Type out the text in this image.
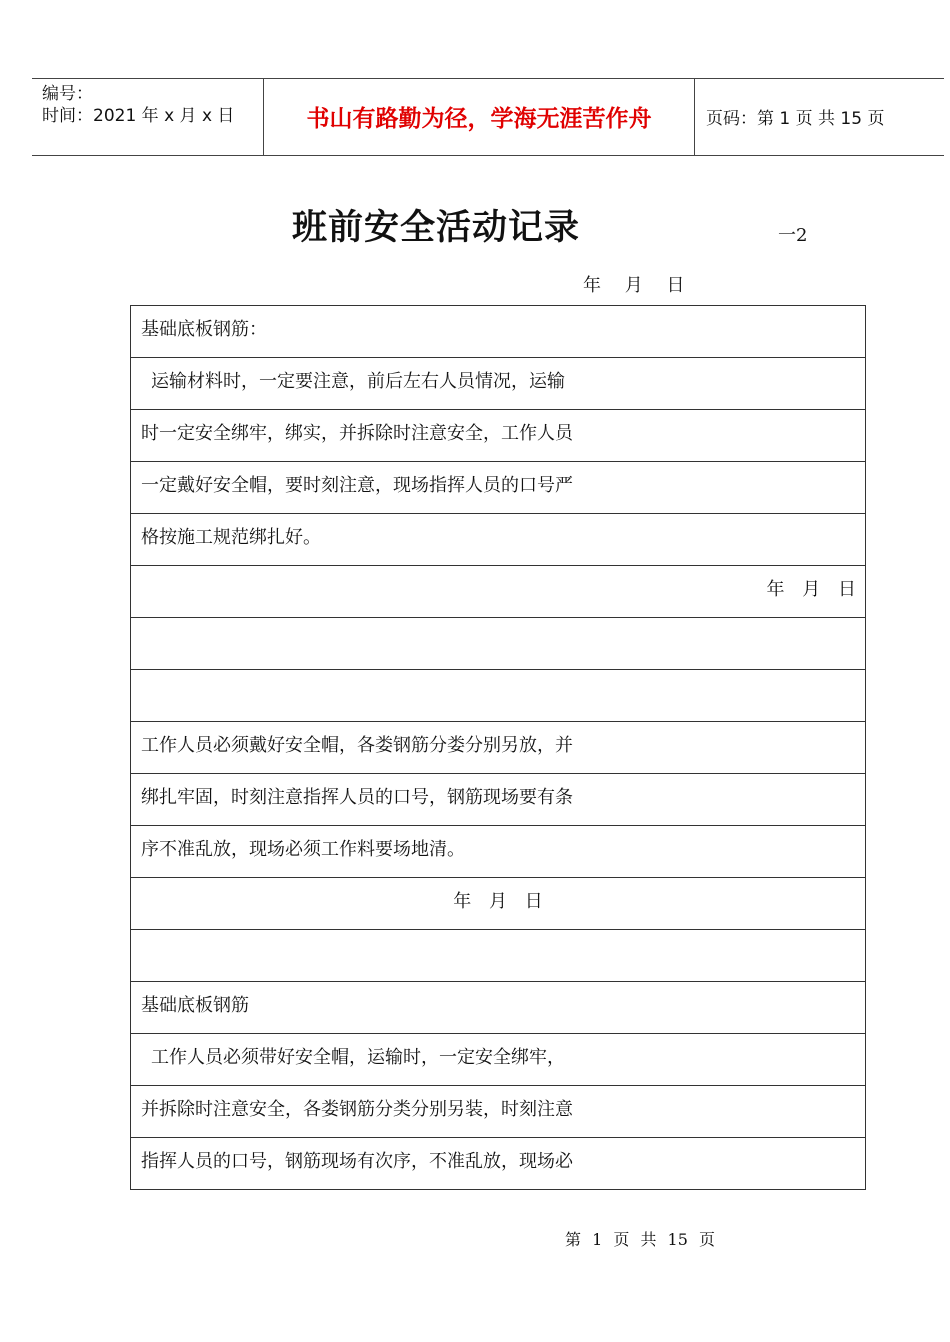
编号：
时间：2021 年 x 月 x 日	书山有路勤为径，学海无涯苦作舟	页码：第 1 页 共 15 页
班前安全活动记录	一2
年 月 日
基础底板钢筋：
运输材料时，一定要注意，前后左右人员情况，运输
时一定安全绑牢，绑实，并拆除时注意安全，工作人员
一定戴好安全帽，要时刻注意，现场指挥人员的口号严
格按施工规范绑扎好。
年 月 日
工作人员必须戴好安全帽，各娄钢筋分娄分别另放，并
绑扎牢固，时刻注意指挥人员的口号，钢筋现场要有条
序不准乱放，现场必须工作料要场地清。
年 月 日
基础底板钢筋
工作人员必须带好安全帽，运输时，一定安全绑牢，
并拆除时注意安全，各娄钢筋分类分别另装，时刻注意
指挥人员的口号，钢筋现场有次序，不准乱放，现场必
第 1 页 共 15 页
